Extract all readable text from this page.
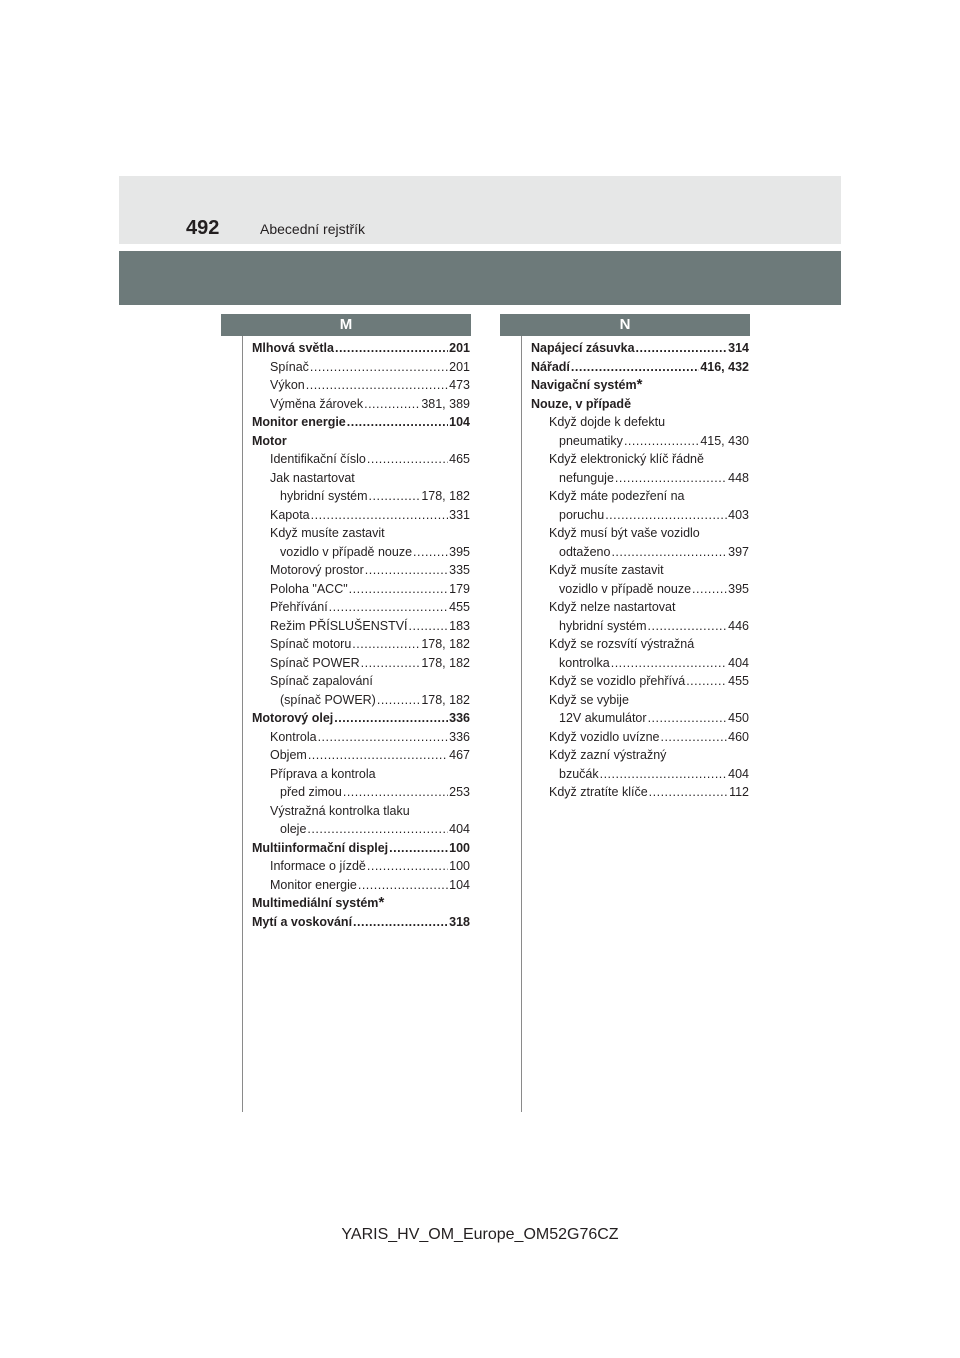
492	Abecední rejstřík
M	N
Mlhová světla .....	201
Spínač .....	201
Výkon .....	473
Výměna žárovek .....	381, 389
Monitor energie .....	104
Motor
Identifikační číslo .....	465
Jak nastartovat
hybridní systém .....	178, 182
Kapota .....	331
Když musíte zastavit
vozidlo v případě nouze .....	395
Motorový prostor .....	335
Poloha "ACC" .....	179
Přehřívání .....	455
Režim PŘÍSLUŠENSTVÍ .....	183
Spínač motoru .....	178, 182
Spínač POWER .....	178, 182
Spínač zapalování
(spínač POWER) .....	178, 182
Motorový olej .....	336
Kontrola .....	336
Objem .....	467
Příprava a kontrola
před zimou .....	253
Výstražná kontrolka tlaku
oleje .....	404
Multiinformační displej .....	100
Informace o jízdě .....	100
Monitor energie .....	104
Multimediální systém *
Mytí a voskování .....	318
Napájecí zásuvka .....	314
Nářadí .....	416, 432
Navigační systém *
Nouze, v případě
Když dojde k defektu
pneumatiky .....	415, 430
Když elektronický klíč řádně
nefunguje .....	448
Když máte podezření na
poruchu .....	403
Když musí být vaše vozidlo
odtaženo .....	397
Když musíte zastavit
vozidlo v případě nouze .....	395
Když nelze nastartovat
hybridní systém .....	446
Když se rozsvítí výstražná
kontrolka .....	404
Když se vozidlo přehřívá .....	455
Když se vybije
12V akumulátor .....	450
Když vozidlo uvízne .....	460
Když zazní výstražný
bzučák .....	404
Když ztratíte klíče .....	112
YARIS_HV_OM_Europe_OM52G76CZ
